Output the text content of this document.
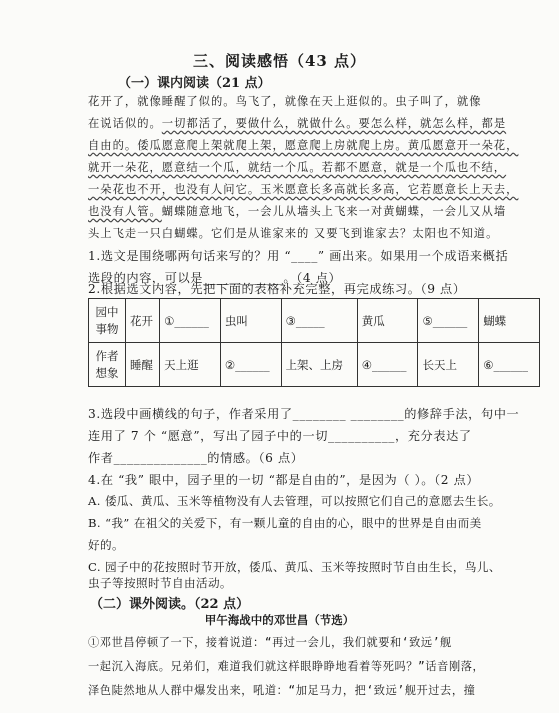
三、阅读感悟（43 点）
（一）课内阅读（21 点）
花开了，就像睡醒了似的。鸟飞了，就像在天上逛似的。虫子叫了，就像
在说话似的。一切都活了，要做什么，就做什么。要怎么样，就怎么样，都是
自由的。倭瓜愿意爬上架就爬上架，愿意爬上房就爬上房。黄瓜愿意开一朵花，
就开一朵花，愿意结一个瓜，就结一个瓜。若都不愿意，就是一个瓜也不结，
一朵花也不开，也没有人问它。玉米愿意长多高就长多高，它若愿意长上天去，
也没有人管。蝴蝶随意地飞，一会儿从墙头上飞来一对黄蝴蝶，一会儿又从墙
头上飞走一只白蝴蝶。它们是从谁家来的 又要飞到谁家去？太阳也不知道。
1.选文是围绕哪两句话来写的？用 “____” 画出来。如果用一个成语来概括
选段的内容，可以是____________。（4 点）
2.根据选文内容，先把下面的表格补充完整，再完成练习。（9 点）
园中
事物	花开	①______	虫叫	③_____	黄瓜	⑤______	蝴蝶
作者
想象	睡醒	天上逛	②______	上架、上房	④______	长天上	⑥______
3.选段中画横线的句子，作者采用了________ ________的修辞手法，句中一
连用了 7 个 “愿意”，写出了园子中的一切__________，充分表达了
作者______________的情感。（6 点）
4.在 “我” 眼中，园子里的一切 “都是自由的”，是因为（ ）。（2 点）
A. 倭瓜、黄瓜、玉米等植物没有人去管理，可以按照它们自己的意愿去生长。
B. “我” 在祖父的关爱下，有一颗儿童的自由的心，眼中的世界是自由而美
好的。
C. 园子中的花按照时节开放，倭瓜、黄瓜、玉米等按照时节自由生长，鸟儿、
虫子等按照时节自由活动。
（二）课外阅读。（22 点）
甲午海战中的邓世昌（节选）
①邓世昌停顿了一下，接着说道：“再过一会儿，我们就要和‘致远’舰
一起沉入海底。兄弟们，难道我们就这样眼睁睁地看着等死吗？”话音刚落，
泽色陡然地从人群中爆发出来，吼道：“加足马力，把‘致远’舰开过去，撞
